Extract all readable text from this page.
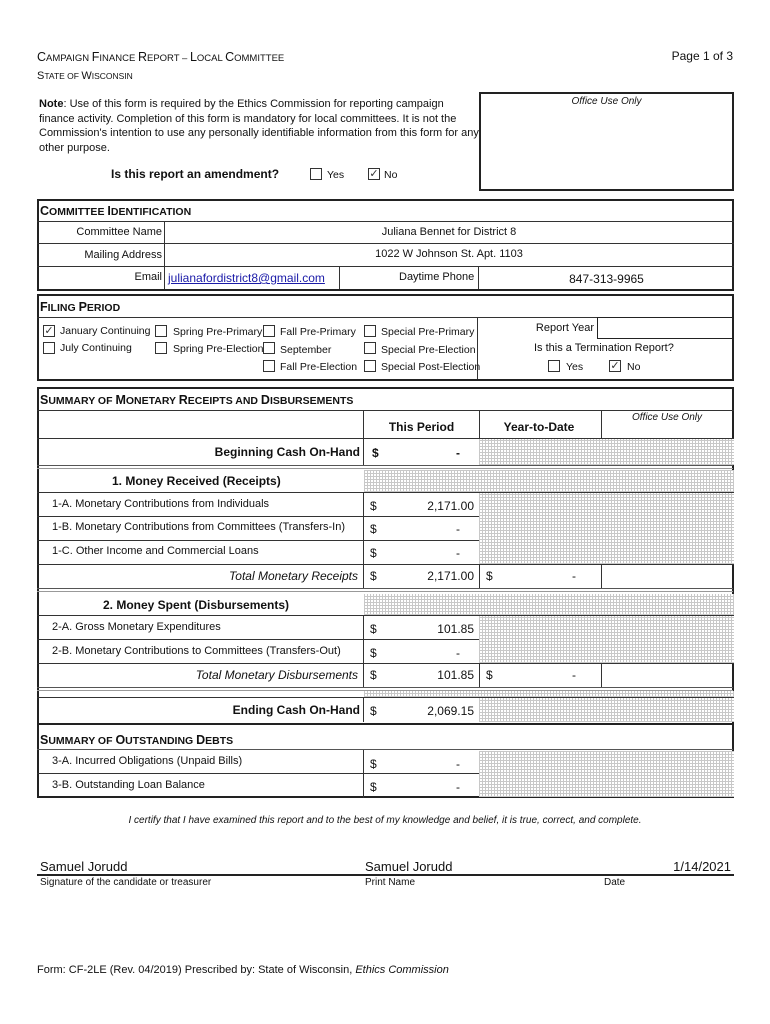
CAMPAIGN FINANCE REPORT – LOCAL COMMITTEE
STATE OF WISCONSIN
Page 1 of 3
Note: Use of this form is required by the Ethics Commission for reporting campaign finance activity. Completion of this form is mandatory for local committees. It is not the Commission's intention to use any personally identifiable information from this form for any other purpose.
Office Use Only
Is this report an amendment?	Yes ✓ No
COMMITTEE IDENTIFICATION
Committee Name	Juliana Bennet for District 8
Mailing Address	1022 W Johnson St. Apt. 1103
Email julianafordistrict8@gmail.com	Daytime Phone	847-313-9965
FILING PERIOD
✓ January Continuing
July Continuing
Spring Pre-Primary
Spring Pre-Election
Fall Pre-Primary
September
Fall Pre-Election
Special Pre-Primary
Special Pre-Election
Special Post-Election
Report Year
Is this a Termination Report?
Yes ✓ No
SUMMARY OF MONETARY RECEIPTS AND DISBURSEMENTS
This Period	Year-to-Date
Office Use Only
Beginning Cash On-Hand $	-
1. Money Received (Receipts)
1-A. Monetary Contributions from Individuals	$	2,171.00
1-B. Monetary Contributions from Committees (Transfers-In) $	-
1-C. Other Income and Commercial Loans	$	-
Total Monetary Receipts $	2,171.00 $	-
2. Money Spent (Disbursements)
2-A. Gross Monetary Expenditures	$	101.85
2-B. Monetary Contributions to Committees (Transfers-Out) $	-
Total Monetary Disbursements $	101.85 $	-
Ending Cash On-Hand $	2,069.15
SUMMARY OF OUTSTANDING DEBTS
3-A. Incurred Obligations (Unpaid Bills)	$	-
3-B. Outstanding Loan Balance	$	-
I certify that I have examined this report and to the best of my knowledge and belief, it is true, correct, and complete.
Samuel Jorudd	Samuel Jorudd	1/14/2021
Signature of the candidate or treasurer	Print Name	Date
Form: CF-2LE (Rev. 04/2019) Prescribed by: State of Wisconsin, Ethics Commission
